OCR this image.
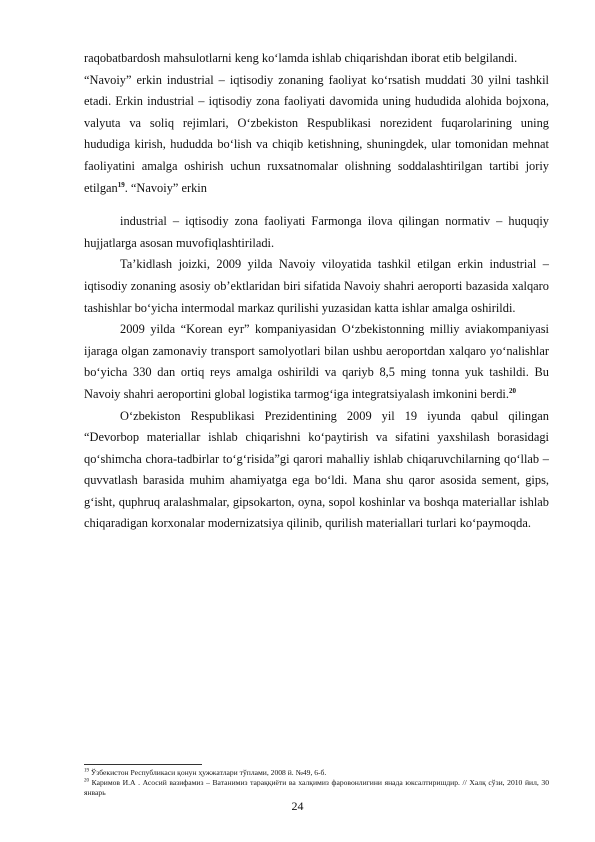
raqobatbardosh mahsulotlarni keng ko‘lamda ishlab chiqarishdan iborat etib belgilandi.

“Navoiy” erkin industrial – iqtisodiy zonaning faoliyat ko‘rsatish muddati 30 yilni tashkil etadi. Erkin industrial – iqtisodiy zona faoliyati davomida uning hududida alohida bojxona, valyuta va soliq rejimlari, O‘zbekiston Respublikasi norezident fuqarolarining uning hududiga kirish, hududda bo‘lish va chiqib ketishning, shuningdek, ular tomonidan mehnat faoliyatini amalga oshirish uchun ruxsatnomalar olishning soddalashtirilgan tartibi joriy etilgan$^{19}$. “Navoiy” erkin

industrial – iqtisodiy zona faoliyati Farmonga ilova qilingan normativ – huquqiy hujjatlarga asosan muvofiqlashtiriladi.

Ta’kidlash joizki, 2009 yilda Navoiy viloyatida tashkil etilgan erkin industrial – iqtisodiy zonaning asosiy ob’ektlaridan biri sifatida Navoiy shahri aeroporti bazasida xalqaro tashishlar bo‘yicha intermodal markaz qurilishi yuzasidan katta ishlar amalga oshirildi.

2009 yilda “Korean eyr” kompaniyasidan O‘zbekistonning milliy aviakompaniyasi ijaraga olgan zamonaviy transport samolyotlari bilan ushbu aeroportdan xalqaro yo‘nalishlar bo‘yicha 330 dan ortiq reys amalga oshirildi va qariyb 8,5 ming tonna yuk tashildi. Bu Navoiy shahri aeroportini global logistika tarmog‘iga integratsiyalash imkonini berdi.$^{20}$

O‘zbekiston Respublikasi Prezidentining 2009 yil 19 iyunda qabul qilingan “Devorbop materiallar ishlab chiqarishni ko‘paytirish va sifatini yaxshilash borasidagi qo‘shimcha chora-tadbirlar to‘g‘risida”gi qarori mahalliy ishlab chiqaruvchilarning qo‘llab –quvvatlash barasida muhim ahamiyatga ega bo‘ldi. Mana shu qaror asosida sement, gips, g‘isht, quphruq aralashmalar, gipsokarton, oyna, sopol koshinlar va boshqa materiallar ishlab chiqaradigan korxonalar modernizatsiya qilinib, qurilish materiallari turlari ko‘paymoqda.

$^{19}$ Ўзбекистон Республикаси қонун ҳужжатлари тўплами, 2008 й. №49, 6-б.

$^{20}$ Каримов И.А . Асосий вазифамиз – Ватанимиз тараққиёти ва халқимиз фаровонлигини янада юксалтиришдир. // Халқ сўзи, 2010 йил, 30 январь

24
